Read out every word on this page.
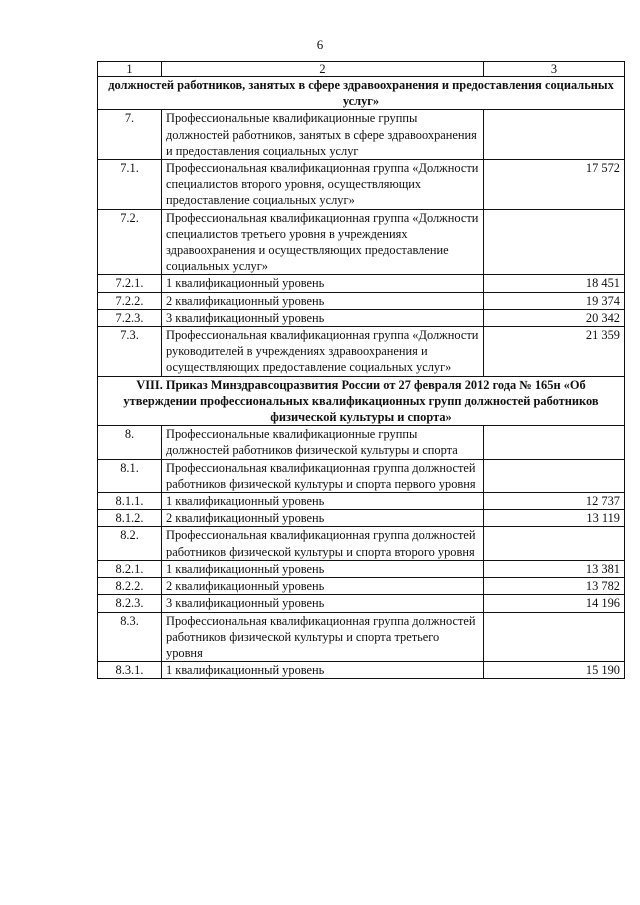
6
1	2	3
должностей работников, занятых в сфере здравоохранения и предоставления социальных услуг»		
7.	Профессиональные квалификационные группы должностей работников, занятых в сфере здравоохранения и предоставления социальных услуг	
7.1.	Профессиональная квалификационная группа «Должности специалистов второго уровня, осуществляющих предоставление социальных услуг»	17 572
7.2.	Профессиональная квалификационная группа «Должности специалистов третьего уровня в учреждениях здравоохранения и осуществляющих предоставление социальных услуг»	
7.2.1.	1 квалификационный уровень	18 451
7.2.2.	2 квалификационный уровень	19 374
7.2.3.	3 квалификационный уровень	20 342
7.3.	Профессиональная квалификационная группа «Должности руководителей в учреждениях здравоохранения и осуществляющих предоставление социальных услуг»	21 359
VIII. Приказ Минздравсоцразвития России от 27 февраля 2012 года № 165н «Об утверждении профессиональных квалификационных групп должностей работников физической культуры и спорта»		
8.	Профессиональные квалификационные группы должностей работников физической культуры и спорта	
8.1.	Профессиональная квалификационная группа должностей работников физической культуры и спорта первого уровня	
8.1.1.	1 квалификационный уровень	12 737
8.1.2.	2 квалификационный уровень	13 119
8.2.	Профессиональная квалификационная группа должностей работников физической культуры и спорта второго уровня	
8.2.1.	1 квалификационный уровень	13 381
8.2.2.	2 квалификационный уровень	13 782
8.2.3.	3 квалификационный уровень	14 196
8.3.	Профессиональная квалификационная группа должностей работников физической культуры и спорта третьего уровня	
8.3.1.	1 квалификационный уровень	15 190
